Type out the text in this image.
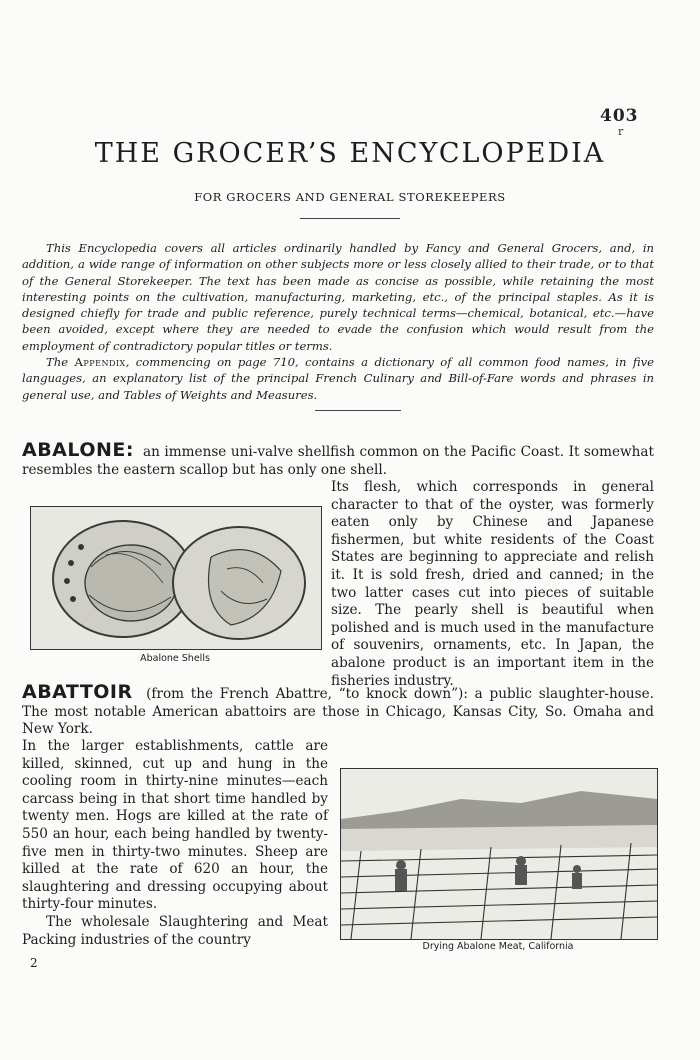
403
r
THE GROCER’S ENCYCLOPEDIA
FOR GROCERS AND GENERAL STOREKEEPERS

This Encyclopedia covers all articles ordinarily handled by Fancy and General Grocers, and, in addition, a wide range of information on other subjects more or less closely allied to their trade, or to that of the General Storekeeper. The text has been made as concise as possible, while retaining the most interesting points on the cultivation, manufacturing, marketing, etc., of the principal staples. As it is designed chiefly for trade and public reference, purely technical terms—chemical, botanical, etc.—have been avoided, except where they are needed to evade the confusion which would result from the employment of contradictory popular titles or terms.

The Appendix, commencing on page 710, contains a dictionary of all common food names, in five languages, an explanatory list of the principal French Culinary and Bill-of-Fare words and phrases in general use, and Tables of Weights and Measures.

ABALONE: an immense uni-valve shellfish common on the Pacific Coast. It somewhat resembles the eastern scallop but has only one shell.
Abalone Shells
Its flesh, which corresponds in general character to that of the oyster, was formerly eaten only by Chinese and Japanese fishermen, but white residents of the Coast States are beginning to appreciate and relish it. It is sold fresh, dried and canned; in the two latter cases cut into pieces of suitable size. The pearly shell is beautiful when polished and is much used in the manufacture of souvenirs, ornaments, etc. In Japan, the abalone product is an important item in the fisheries industry.
ABATTOIR (from the French Abattre, “to knock down”): a public slaughter-house. The most notable American abattoirs are those in Chicago, Kansas City, So. Omaha and New York.

In the larger establishments, cattle are killed, skinned, cut up and hung in the cooling room in thirty-nine minutes—each carcass being in that short time handled by twenty men. Hogs are killed at the rate of 550 an hour, each being handled by twenty-five men in thirty-two minutes. Sheep are killed at the rate of 620 an hour, the slaughtering and dressing occupying about thirty-four minutes.

The wholesale Slaughtering and Meat Packing industries of the country	Drying Abalone Meat, California
2
